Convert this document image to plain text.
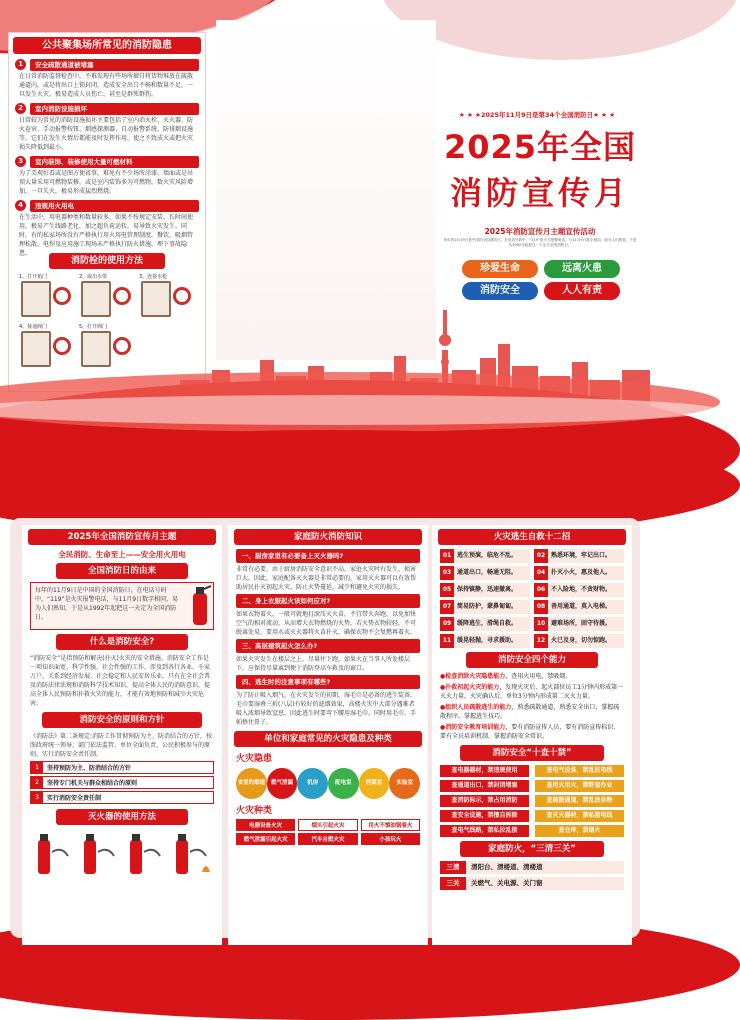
公共聚集场所常见的消防隐患
1	安全疏散通道被堵塞
在日常消防监督检查中，不难发现有些场所擅自将货物堆放在疏散通道内，或是将出口上锁封闭，造成安全出口不畅和数量不足，一旦发生火灾，极易造成人员伤亡，甚至是群死群伤。
2	室内消防设施损坏
日常较为常见的消防设施损坏主要包括了室内消火栓、灭火器、防火卷帘、手动报警按钮、烟感探测器、自动报警系统、防排烟设施等，它们在发生火情后都能及时发挥作用，使之不致成火或把火灾损失降低到最小。
3	室内装饰、装修使用大量可燃材料
为了美观好看或是图方便省事，难免有不少场所涂漆、墙面或是吊顶大量采用可燃物装修，或是室内装饰多为可燃物，数火灾风险增加，一旦失火，极易形成猛烈燃烧。
4	违规用火用电
在生活中，用电器种类和数量较多，如果不按规定安装、长时间使用，极易产生线路老化，加之超负荷运转，易导致火灾发生。同时，有的私家场所没有严格执行用火用电管理制度，餐饮、吸烟管理松散，电焊及应用施工现场未严格执行防火措施，埋下事故隐患。
消防栓的使用方法
1、打开箱门	2、取出水带	3、连接水枪
4、接通阀门	5、打开阀门
★ ★ ★2025年11月9日是第34个全国消防日★ ★ ★
2025年全国
消防宣传月
2025年消防宣传月主题宣传活动
每年的11月9日是中国的全国消防日。在电话号码中，“119”是火灾报警电话。与11月9日数字相同，朋为人们熟知，于是从1992年起把这一天定为全国消防日。
珍爱生命	远离火患
消防安全	人人有责
2025年全国消防宣传月主题
全民消防、生命至上——安全用火用电
全国消防日的由来
每年的11月9日是中国的全国消防日，在电话号码中，“119”是火灾报警电话，与11月9日数字相同，易为人们熟知，于是从1992年起把这一天定为全国消防日。
什么是消防安全?
“消防安全”是指预防和解决(扑灭)火灾的安全措施。消防安全工作是一项知识面宽、科学性强、社会性强的工作，涉及到各行各业、千家万户，关系到经济发展、社会稳定和人民安居乐业。只有在全社会普及消防法律法规和消防科学技术知识，提高全体人民的消防意识，提高全体人民预防和扑救火灾的能力，才能有效地预防和减少火灾危害。
消防安全的原则和方针
《消防法》第二条规定:消防工作贯彻预防为主、防消结合的方针，按照政府统一领导、部门依法监管、单位全面负责、公民积极参与的原则，实行消防安全责任制。
1	坚持预防为主、防消结合的方针
2	坚持专门机关与群众相结合的原则
3	实行消防安全责任制
灭火器的使用方法
家庭防火消防知识
一、厨房家里有必要备上灭火器吗?
非常有必要，由于厨房消防安全意识不高，家庭火灾时有发生，损害巨大，因此，家庭配备灭火器是非常必要的，家用灭火器可以有效帮助居民扑灭初起火灾，防止火势蔓延，减少和避免火灾的损失。
二、身上衣服起火该如何应对?
如果衣物着火，一般可就地打滚压灭火苗，不宜带火奔跑，以免加快空气的相对流动，从而增大衣物燃烧的火势，若火势衣物较轻，不可脱离处易，要用水或灭火器将火苗扑灭，确保衣物不会复燃再着火。
三、高层建筑起火怎么办?
如果火灾发生在楼层之上，尽量往下跑。如果火在当事人所处楼层下，应保持尽量离到便于消防登高车救及的窗口。
四、逃生时的注意事项有哪些?
为了防止吸入烟气，在火灾发生的初期，湿毛巾是必备的逃生装备，毛巾要湿叠三折(八层)有较好的滤烟效果，高楼火灾中大部分遇难者吸入浓烟导致窒息，因此逃生时要弯下腰用湿毛巾、同时用毛巾、手帕捂住鼻子。
单位和家庭常见的火灾隐患及种类
火灾隐患
食堂的烟道	燃气泄漏	机房	配电室	档案室	实验室
火灾种类
电器设备火灾	烟头引起火灾	用火不慎油锅着火
燃气泄漏引起火灾	汽车自燃火灾	小孩玩火
火灾逃生自救十二招
01 逃生预演，临危不乱。	02 熟悉环境，牢记出口。
03 通道出口，畅通无阻。	04 扑灭小火，惠及他人。
05 保持镇静，迅速撤离。	06 不入险地，不贪财物。
07 简易防护，蒙鼻匍匐。	08 善用通道，莫入电梯。
09 缓降逃生，滑绳自救。	10 避难场所，固守待援。
11 缓晃轻抛，寻求援助。	12 火已及身，切勿惊跑。
消防安全四个能力
●检查消除火灾隐患能力，查用火用电，禁吸烟。
●扑救初起火灾的能力，发现火灾后，起火部位员工1分钟内形成第一灭火力量，火灾确认后，单位3分钟内形成第二灭火力量。
●组织人员疏散逃生的能力，熟悉疏散通道，熟悉安全出口，掌握疏散程序，掌握逃生技巧。
●消防安全教育培训能力，要有消防宣传人员，要有消防宣传标识，要有全员培训机制，掌握消防安全常识。
消防安全“十查十禁”
查电器器材，禁违规使用	查电气设备，禁乱拉电线
查通道出口，禁封闭堵塞	查用火用火，禁野蛮作业
查消防标示，禁占用消防	查疏散通道，禁乱放杂物
查安全设施，禁擅自拆除	查灭火器材，禁私接电线
查电气线路，禁私拉乱接	查仓库，禁烟火
家庭防火，“三清三关”
三清	清阳台、清楼道、清楼道
三关	关燃气、关电源、关门窗
